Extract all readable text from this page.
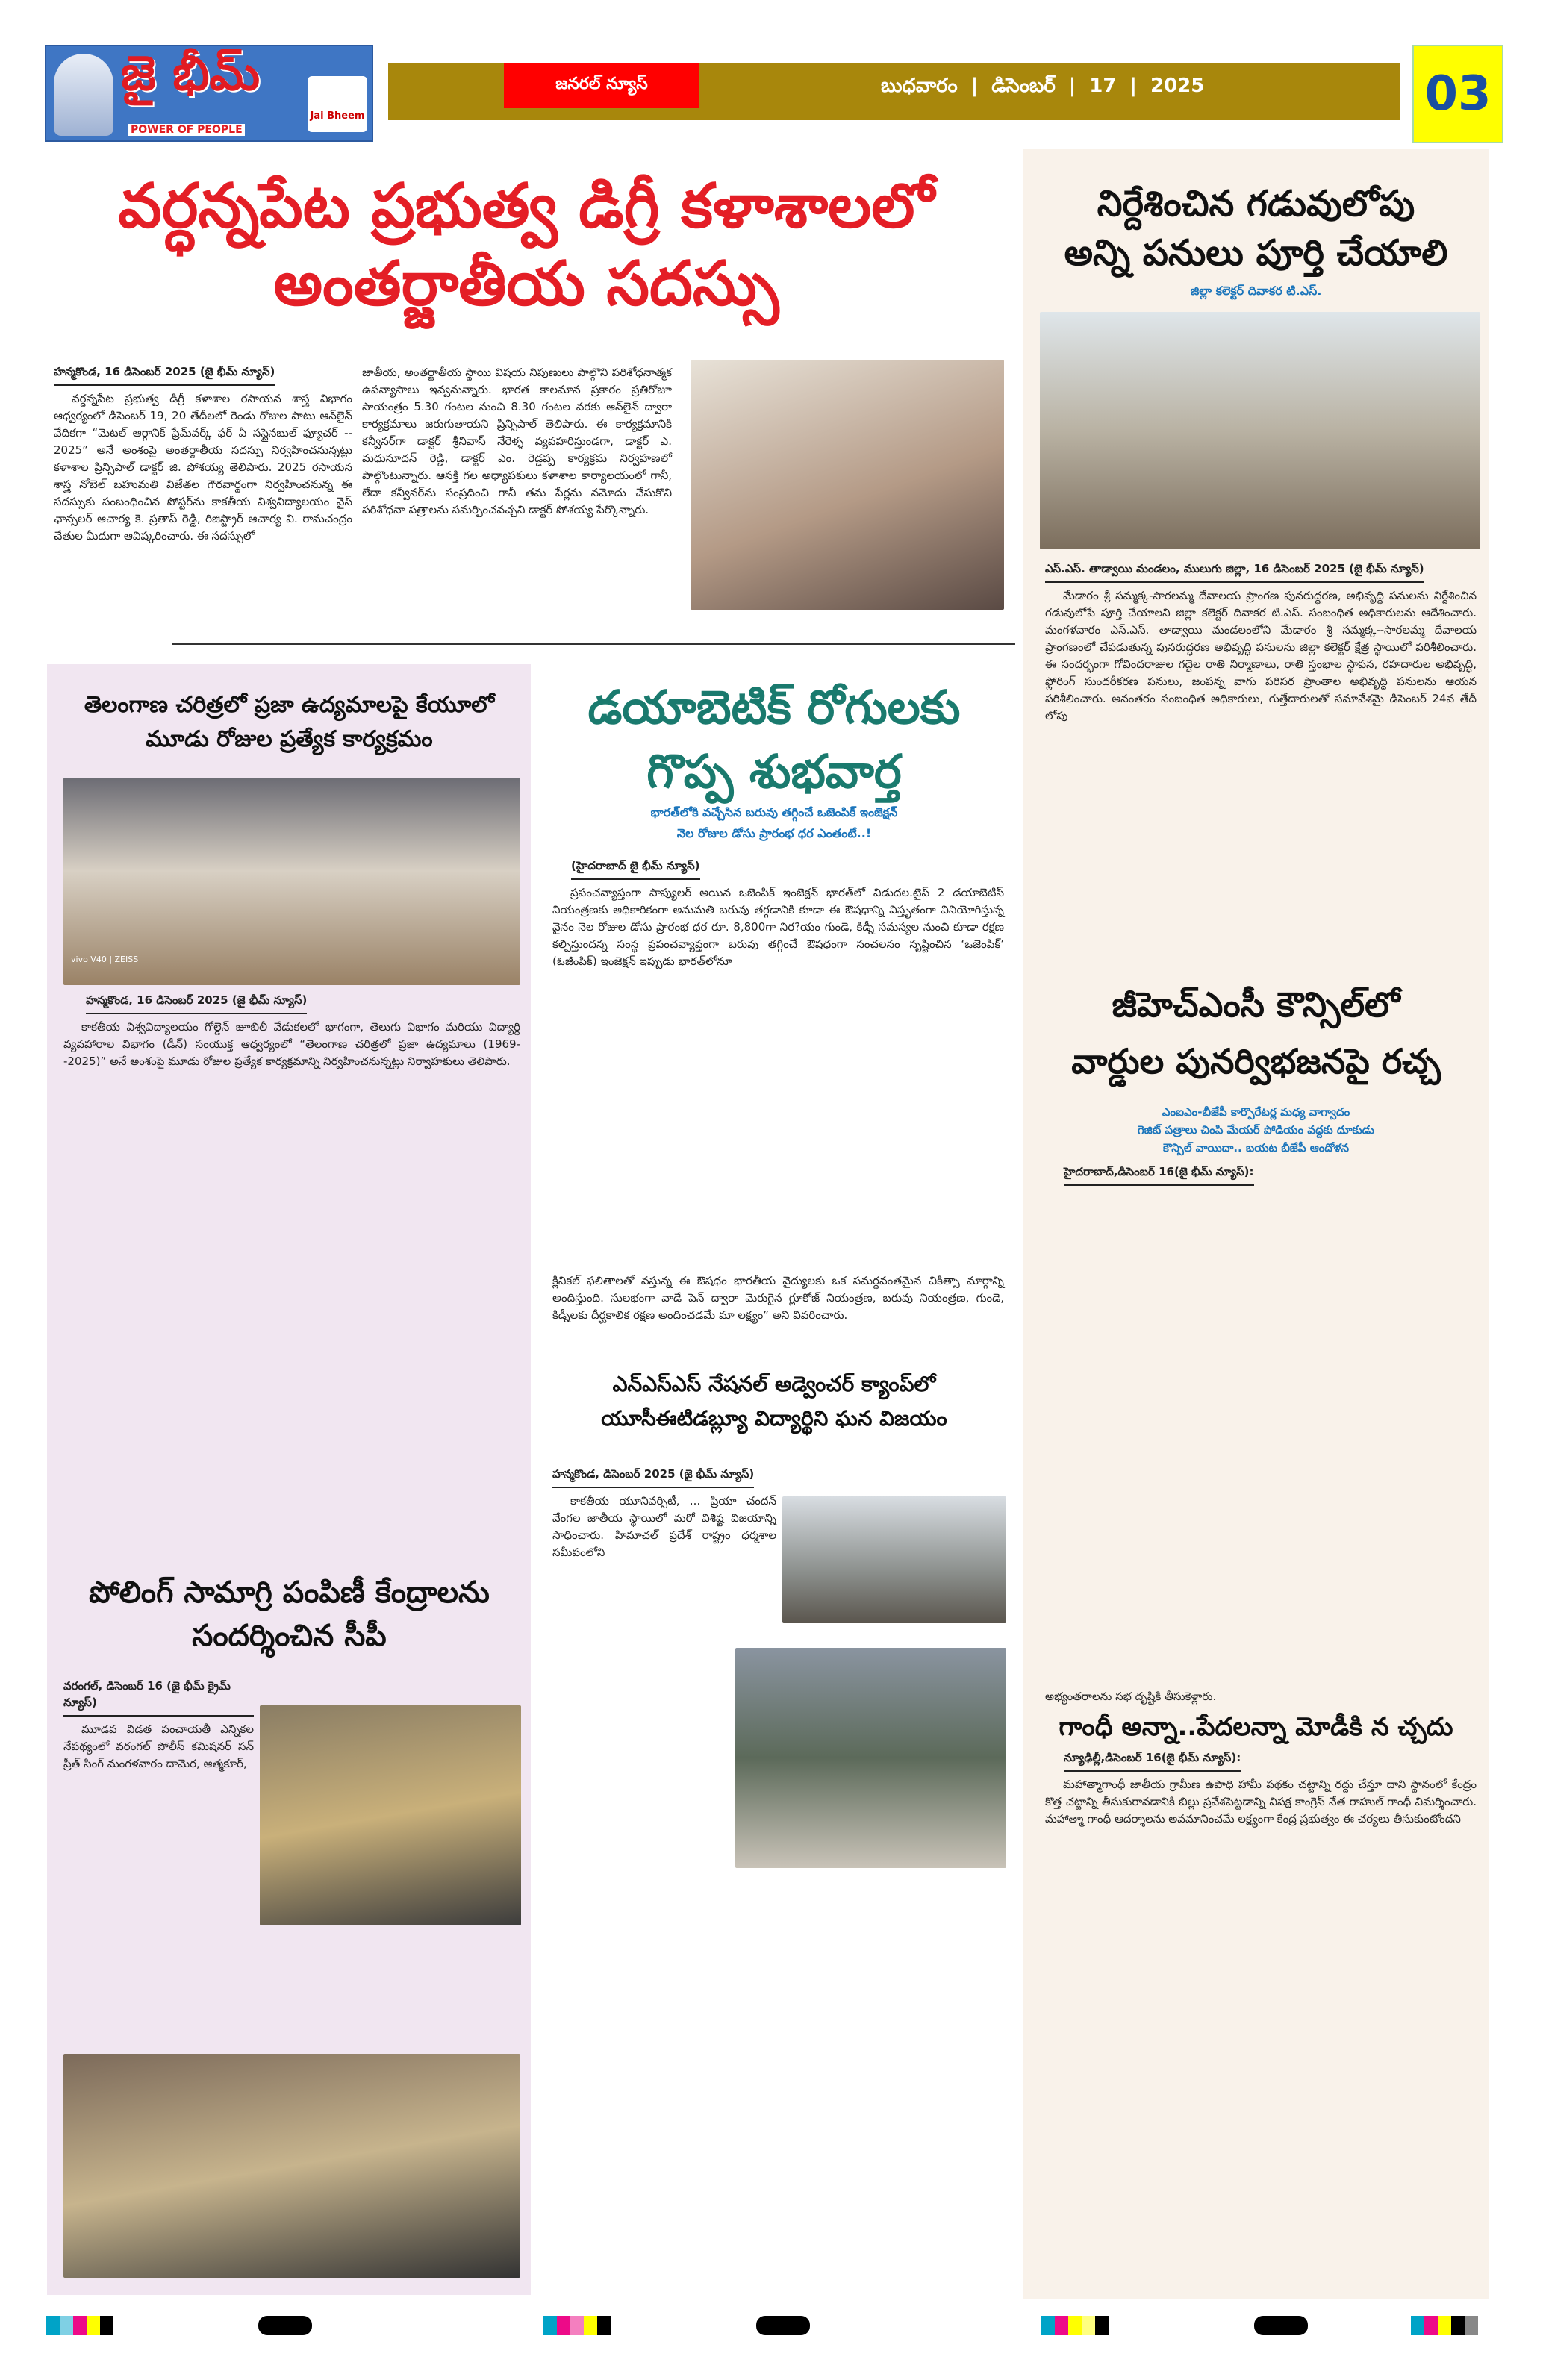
జై భీమ్
POWER OF PEOPLE
Jai Bheem
జనరల్ న్యూస్	బుధవారం | డిసెంబర్ | 17 | 2025	03
వర్ధన్నపేట ప్రభుత్వ డిగ్రీ కళాశాలలో
అంతర్జాతీయ సదస్సు
హన్మకొండ, 16 డిసెంబర్ 2025 (జై భీమ్ న్యూస్)

వర్ధన్నపేట ప్రభుత్వ డిగ్రీ కళాశాల రసాయన శాస్త్ర విభాగం ఆధ్వర్యంలో డిసెంబర్ 19, 20 తేదీలలో రెండు రోజుల పాటు ఆన్‌లైన్ వేదికగా “మెటల్ ఆర్గానిక్ ఫ్రేమ్‌వర్క్ ఫర్ ఏ సస్టైనబుల్ ఫ్యూచర్ -- 2025” అనే అంశంపై అంతర్జాతీయ సదస్సు నిర్వహించనున్నట్లు కళాశాల ప్రిన్సిపాల్ డాక్టర్ జి. పోశయ్య తెలిపారు. 2025 రసాయన శాస్త్ర నోబెల్ బహుమతి విజేతల గౌరవార్థంగా నిర్వహించనున్న ఈ సదస్సుకు సంబంధించిన పోస్టర్‌ను కాకతీయ విశ్వవిద్యాలయం వైస్ ఛాన్సలర్ ఆచార్య కె. ప్రతాప్ రెడ్డి, రిజిస్ట్రార్ ఆచార్య వి. రామచంద్రం చేతుల మీదుగా ఆవిష్కరించారు. ఈ సదస్సులో

జాతీయ, అంతర్జాతీయ స్థాయి విషయ నిపుణులు పాల్గొని పరిశోధనాత్మక ఉపన్యాసాలు ఇవ్వనున్నారు. భారత కాలమాన ప్రకారం ప్రతిరోజూ సాయంత్రం 5.30 గంటల నుంచి 8.30 గంటల వరకు ఆన్‌లైన్ ద్వారా కార్యక్రమాలు జరుగుతాయని ప్రిన్సిపాల్ తెలిపారు. ఈ కార్యక్రమానికి కన్వీనర్‌గా డాక్టర్ శ్రీనివాస్ నేరెళ్ళ వ్యవహరిస్తుండగా, డాక్టర్ ఎ. మధుసూదన్ రెడ్డి, డాక్టర్ ఎం. రెడ్డప్ప కార్యక్రమ నిర్వహణలో పాల్గొంటున్నారు. ఆసక్తి గల అధ్యాపకులు కళాశాల కార్యాలయంలో గానీ, లేదా కన్వీనర్‌ను సంప్రదించి గానీ తమ పేర్లను నమోదు చేసుకొని పరిశోధనా పత్రాలను సమర్పించవచ్చని డాక్టర్ పోశయ్య పేర్కొన్నారు.

తెలంగాణ చరిత్రలో ప్రజా ఉద్యమాలపై కేయూలో మూడు రోజుల ప్రత్యేక కార్యక్రమం
vivo V40 | ZEISS
హన్మకొండ, 16 డిసెంబర్ 2025 (జై భీమ్ న్యూస్)

కాకతీయ విశ్వవిద్యాలయం గోల్డెన్ జూబిలీ వేడుకలలో భాగంగా, తెలుగు విభాగం మరియు విద్యార్థి వ్యవహారాల విభాగం (డీన్) సంయుక్త ఆధ్వర్యంలో “తెలంగాణ చరిత్రలో ప్రజా ఉద్యమాలు (1969--2025)” అనే అంశంపై మూడు రోజుల ప్రత్యేక కార్యక్రమాన్ని నిర్వహించనున్నట్లు నిర్వాహకులు తెలిపారు.

పోలింగ్ సామాగ్రి పంపిణీ కేంద్రాలను సందర్శించిన సీపీ
వరంగల్, డిసెంబర్ 16 (జై భీమ్ క్రైమ్ న్యూస్)

మూడవ విడత పంచాయతీ ఎన్నికల నేపథ్యంలో వరంగల్ పోలీస్ కమిషనర్ సన్ ప్రీత్ సింగ్ మంగళవారం దామెర, ఆత్మకూర్,

డయాబెటిక్ రోగులకు
గొప్ప శుభవార్త
భారత్‌లోకి వచ్చేసిన బరువు తగ్గించే ఒజెంపిక్ ఇంజెక్షన్
నెల రోజుల డోసు ప్రారంభ ధర ఎంతంటే..!
(హైదరాబాద్ జై భీమ్ న్యూస్)

ప్రపంచవ్యాప్తంగా పాప్యులర్ అయిన ఒజెంపిక్ ఇంజెక్షన్ భారత్‌లో విడుదల.టైప్ 2 డయాబెటిస్ నియంత్రణకు అధికారికంగా అనుమతి బరువు తగ్గడానికి కూడా ఈ ఔషధాన్ని విస్తృతంగా వినియోగిస్తున్న వైనం నెల రోజుల డోసు ప్రారంభ ధర రూ. 8,800గా నిర?యం గుండె, కిడ్నీ సమస్యల నుంచి కూడా రక్షణ కల్పిస్తుందన్న సంస్థ ప్రపంచవ్యాప్తంగా బరువు తగ్గించే ఔషధంగా సంచలనం సృష్టించిన ‘ఒజెంపిక్’ (ఓజీంపిక్) ఇంజెక్షన్ ఇప్పుడు భారత్‌లోనూ

క్లినికల్ ఫలితాలతో వస్తున్న ఈ ఔషధం భారతీయ వైద్యులకు ఒక సమర్థవంతమైన చికిత్సా మార్గాన్ని అందిస్తుంది. సులభంగా వాడే పెన్ ద్వారా మెరుగైన గ్లూకోజ్ నియంత్రణ, బరువు నియంత్రణ, గుండె, కిడ్నీలకు దీర్ఘకాలిక రక్షణ అందించడమే మా లక్ష్యం” అని వివరించారు.

ఎన్ఎస్ఎస్ నేషనల్ అడ్వెంచర్ క్యాంప్‌లో యూసీఈటిడబ్ల్యూ విద్యార్థిని ఘన విజయం
హన్మకొండ, డిసెంబర్ 2025 (జై భీమ్ న్యూస్)

కాకతీయ యూనివర్సిటీ, ... ప్రియా చందన్ వేంగల జాతీయ స్థాయిలో మరో విశిష్ట విజయాన్ని సాధించారు. హిమాచల్ ప్రదేశ్ రాష్ట్రం ధర్మశాల సమీపంలోని

నిర్దేశించిన గడువులోపు
అన్ని పనులు పూర్తి చేయాలి
జిల్లా కలెక్టర్ దివాకర టి.ఎస్.
ఎస్.ఎస్. తాడ్వాయి మండలం, ములుగు జిల్లా, 16 డిసెంబర్ 2025 (జై భీమ్ న్యూస్)

మేడారం శ్రీ సమ్మక్క-సారలమ్మ దేవాలయ ప్రాంగణ పునరుద్ధరణ, అభివృద్ధి పనులను నిర్దేశించిన గడువులోపే పూర్తి చేయాలని జిల్లా కలెక్టర్ దివాకర టి.ఎస్. సంబంధిత అధికారులను ఆదేశించారు. మంగళవారం ఎస్.ఎస్. తాడ్వాయి మండలంలోని మేడారం శ్రీ సమ్మక్క--సారలమ్మ దేవాలయ ప్రాంగణంలో చేపడుతున్న పునరుద్ధరణ అభివృద్ధి పనులను జిల్లా కలెక్టర్ క్షేత్ర స్థాయిలో పరిశీలించారు. ఈ సందర్భంగా గోవిందరాజుల గద్దెల రాతి నిర్మాణాలు, రాతి స్తంభాల స్థాపన, రహదారుల అభివృద్ధి, ఫ్లోరింగ్ సుందరీకరణ పనులు, జంపన్న వాగు పరిసర ప్రాంతాల అభివృద్ధి పనులను ఆయన పరిశీలించారు. అనంతరం సంబంధిత అధికారులు, గుత్తేదారులతో సమావేశమై డిసెంబర్ 24వ తేదీ లోపు

జీహెచ్ఎంసీ కౌన్సిల్‌లో
వార్డుల పునర్విభజనపై రచ్చ
ఎంఐఎం-బీజేపీ కార్పొరేటర్ల మధ్య వాగ్వాదం
గెజిట్ పత్రాలు చింపి మేయర్ పోడియం వద్దకు దూకుడు
కౌన్సిల్ వాయిదా.. బయట బీజేపీ ఆందోళన
హైదరాబాద్,డిసెంబర్ 16(జై భీమ్ న్యూస్):

అభ్యంతరాలను సభ దృష్టికి తీసుకెళ్లారు.

గాంధీ అన్నా..పేదలన్నా మోడీకి న చ్చదు
న్యూఢిల్లీ,డిసెంబర్ 16(జై భీమ్ న్యూస్):

మహాత్మాగాంధీ జాతీయ గ్రామీణ ఉపాధి హామీ పథకం చట్టాన్ని రద్దు చేస్తూ దాని స్థానంలో కేంద్రం కొత్త చట్టాన్ని తీసుకురావడానికి బిల్లు ప్రవేశపెట్టడాన్ని విపక్ష కాంగ్రెస్ నేత రాహుల్ గాంధీ విమర్శించారు. మహాత్మా గాంధీ ఆదర్శాలను అవమానించమే లక్ష్యంగా కేంద్ర ప్రభుత్వం ఈ చర్యలు తీసుకుంటోందని
